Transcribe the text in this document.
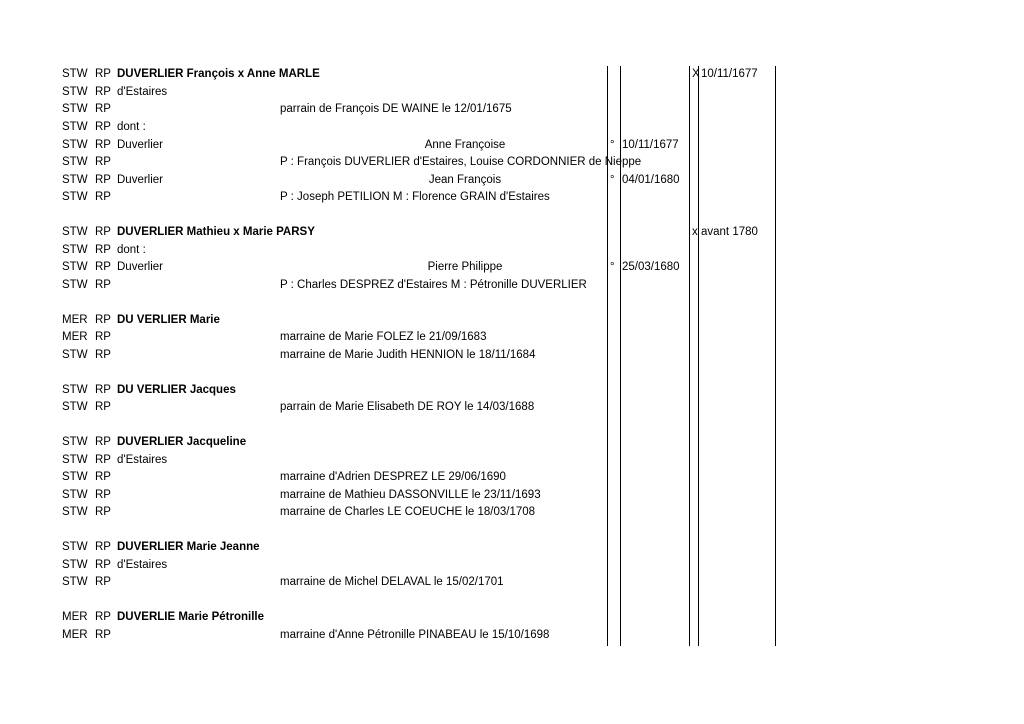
STW RP DUVERLIER François x Anne MARLE	X 10/11/1677
STW RP d'Estaires
STW RP	parrain de François DE WAINE le 12/01/1675
STW RP dont :
STW RP Duverlier	Anne Françoise	° 10/11/1677
STW RP	P : François DUVERLIER d'Estaires, Louise CORDONNIER de Nieppe
STW RP Duverlier	Jean François	° 04/01/1680
STW RP	P : Joseph PETILION M : Florence GRAIN d'Estaires
STW RP DUVERLIER Mathieu x Marie PARSY	x avant 1780
STW RP dont :
STW RP Duverlier	Pierre Philippe	° 25/03/1680
STW RP	P : Charles DESPREZ d'Estaires M : Pétronille DUVERLIER
MER RP DU VERLIER Marie
MER RP	marraine de Marie FOLEZ le 21/09/1683
STW RP	marraine de Marie Judith HENNION le 18/11/1684
STW RP DU VERLIER Jacques
STW RP	parrain de Marie Elisabeth DE ROY le 14/03/1688
STW RP DUVERLIER Jacqueline
STW RP d'Estaires
STW RP	marraine d'Adrien DESPREZ LE 29/06/1690
STW RP	marraine de Mathieu DASSONVILLE le 23/11/1693
STW RP	marraine de Charles LE COEUCHE le 18/03/1708
STW RP DUVERLIER Marie Jeanne
STW RP d'Estaires
STW RP	marraine de Michel DELAVAL le 15/02/1701
MER RP DUVERLIE Marie Pétronille
MER RP	marraine d'Anne Pétronille PINABEAU le 15/10/1698
